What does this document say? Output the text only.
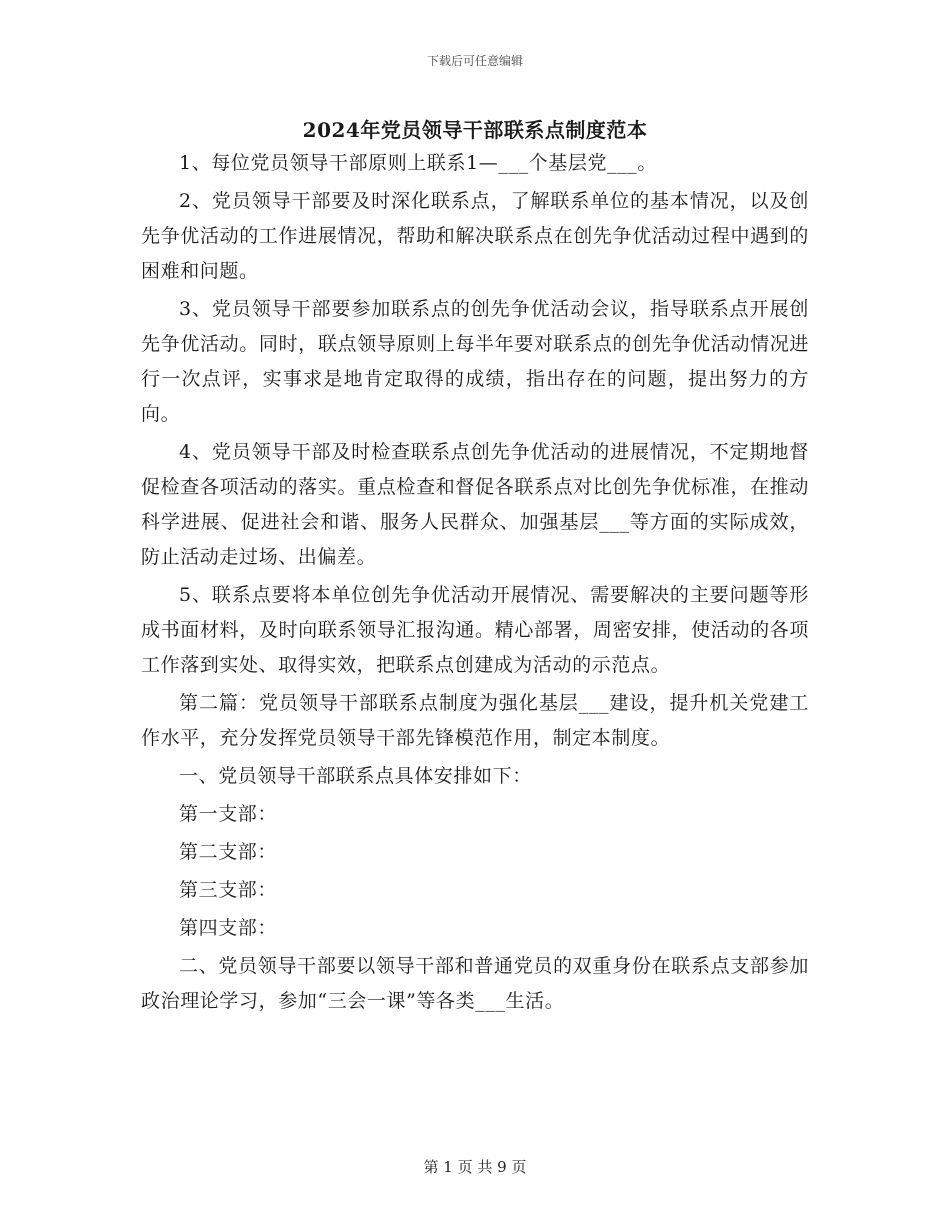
下载后可任意编辑
2024年党员领导干部联系点制度范本

1、每位党员领导干部原则上联系1—___个基层党___。

2、党员领导干部要及时深化联系点，了解联系单位的基本情况，以及创先争优活动的工作进展情况，帮助和解决联系点在创先争优活动过程中遇到的困难和问题。

3、党员领导干部要参加联系点的创先争优活动会议，指导联系点开展创先争优活动。同时，联点领导原则上每半年要对联系点的创先争优活动情况进行一次点评，实事求是地肯定取得的成绩，指出存在的问题，提出努力的方向。

4、党员领导干部及时检查联系点创先争优活动的进展情况，不定期地督促检查各项活动的落实。重点检查和督促各联系点对比创先争优标准，在推动科学进展、促进社会和谐、服务人民群众、加强基层___等方面的实际成效，防止活动走过场、出偏差。

5、联系点要将本单位创先争优活动开展情况、需要解决的主要问题等形成书面材料，及时向联系领导汇报沟通。精心部署，周密安排，使活动的各项工作落到实处、取得实效，把联系点创建成为活动的示范点。

第二篇：党员领导干部联系点制度为强化基层___建设，提升机关党建工作水平，充分发挥党员领导干部先锋模范作用，制定本制度。

一、党员领导干部联系点具体安排如下：

第一支部：

第二支部：

第三支部：

第四支部：

二、党员领导干部要以领导干部和普通党员的双重身份在联系点支部参加政治理论学习，参加“三会一课”等各类___生活。

第 1 页 共 9 页
